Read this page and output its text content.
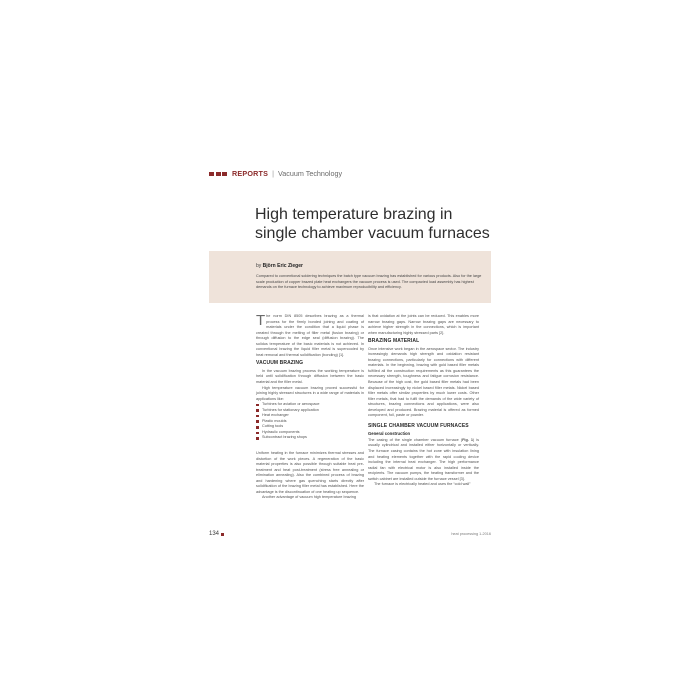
REPORTS | Vacuum Technology
High temperature brazing in single chamber vacuum furnaces
by Björn Eric Zieger
Compared to conventional soldering techniques the batch type vacuum brazing has established for various products. Also for the large scale production of copper brazed plate heat exchangers the vacuum process is used. The compacted load assembly has highest demands on the furnace technology to achieve maximum reproducibility and efficiency.

The norm DIN 8505 describes brazing as a thermal process for the firmly bonded joining and coating of materials under the condition that a liquid phase is created through the melting of filler metal (fusion brazing) or through diffusion to the edge seal (diffusion brazing). The solidus temperature of the basic materials is not achieved. In conventional brazing the liquid filler metal is supercooled by heat removal and thermal solidification (bonding) [1].

VACUUM BRAZING

In the vacuum brazing process the working temperature is held until solidification through diffusion between the basic material and the filler metal.

High temperature vacuum brazing proved successful for joining highly stressed structures in a wide range of materials in applications like:

Turbines for aviation or aerospace
Turbines for stationary application
Heat exchanger
Plastic moulds
Cutting tools
Hydraulic components
Subcontract brazing shops

Uniform heating in the furnace minimizes thermal stresses and distortion of the work pieces. A regeneration of the basic material properties is also possible through suitable heat pre-treatment and heat post-treatment (stress free annealing or elimination annealing). Also the combined process of brazing and hardening where gas quenching starts directly after solidification of the brazing filler metal has established. Here the advantage is the discontinuation of one heating up sequence.

Another advantage of vacuum high temperature brazing

is that oxidation at the joints can be reduced. This enables more narrow brazing gaps. Narrow brazing gaps are necessary to achieve higher strength in the connections, which is important when manufacturing highly stressed parts [2].

BRAZING MATERIAL

Once intensive work began in the aerospace sector. The industry increasingly demands high strength and oxidation resistant brazing connections, particularly for connections with different materials. In the beginning, brazing with gold based filler metals fulfilled all the construction requirements as this guarantees the necessary strength, toughness and fatigue corrosion resistance. Because of the high cost, the gold based filler metals had been displaced increasingly by nickel based filler metals. Nickel based filler metals offer similar properties by much lower costs. Other filler metals, that had to fulfil the demands of the wide variety of structures, brazing connections and applications, were also developed and produced. Brazing material is offered as formed component, foil, paste or powder.

SINGLE CHAMBER VACUUM FURNACES
General construction

The casing of the single chamber vacuum furnace (Fig. 1) is usually cylindrical and installed either horizontally or vertically. The furnace casing contains the hot zone with insulation lining and heating elements together with the rapid cooling device including the internal heat exchanger. The high performance radial fan with electrical motor is also installed inside the recipients. The vacuum pumps, the heating transformer and the switch cabinet are installed outside the furnace vessel [3].

The furnace is electrically heated and uses the “cold wall”

134	heat processing 1-2016
